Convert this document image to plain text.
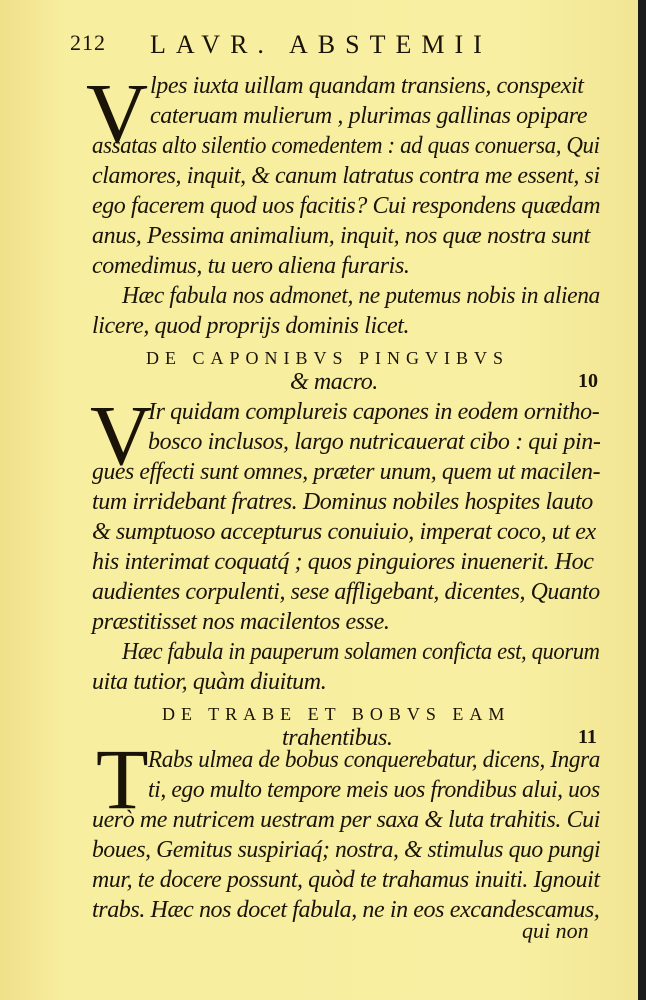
212 LAVR. ABSTEMII
V lpes iuxta uillam quandam transiens, conspexit
cateruam mulierum , plurimas gallinas opipare
assatas alto silentio comedentem : ad quas conuersa, Qui
clamores, inquit, & canum latratus contra me essent, si
ego facerem quod uos facitis? Cui respondens quædam
anus, Pessima animalium, inquit, nos quæ nostra sunt
comedimus, tu uero aliena furaris.
Hæc fabula nos admonet, ne putemus nobis in aliena
licere, quod proprijs dominis licet.
DE CAPONIBVS PINGVIBVS
& macro.	10
V
Ir quidam complureis capones in eodem ornitho-
bosco inclusos, largo nutricauerat cibo : qui pin-
gues effecti sunt omnes, præter unum, quem ut macilen-
tum irridebant fratres. Dominus nobiles hospites lauto
& sumptuoso accepturus conuiuio, imperat coco, ut ex
his interimat coquatq́ ; quos pinguiores inuenerit. Hoc
audientes corpulenti, sese affligebant, dicentes, Quanto
præstitisset nos macilentos esse.
Hæc fabula in pauperum solamen conficta est, quorum
uita tutior, quàm diuitum.
DE TRABE ET BOBVS EAM
trahentibus.	11
T Rabs ulmea de bobus conquerebatur, dicens, Ingra
ti, ego multo tempore meis uos frondibus alui, uos
uerò me nutricem uestram per saxa & luta trahitis. Cui
boues, Gemitus suspiriaq́; nostra, & stimulus quo pungi
mur, te docere possunt, quòd te trahamus inuiti. Ignouit
trabs. Hæc nos docet fabula, ne in eos excandescamus,
qui non
